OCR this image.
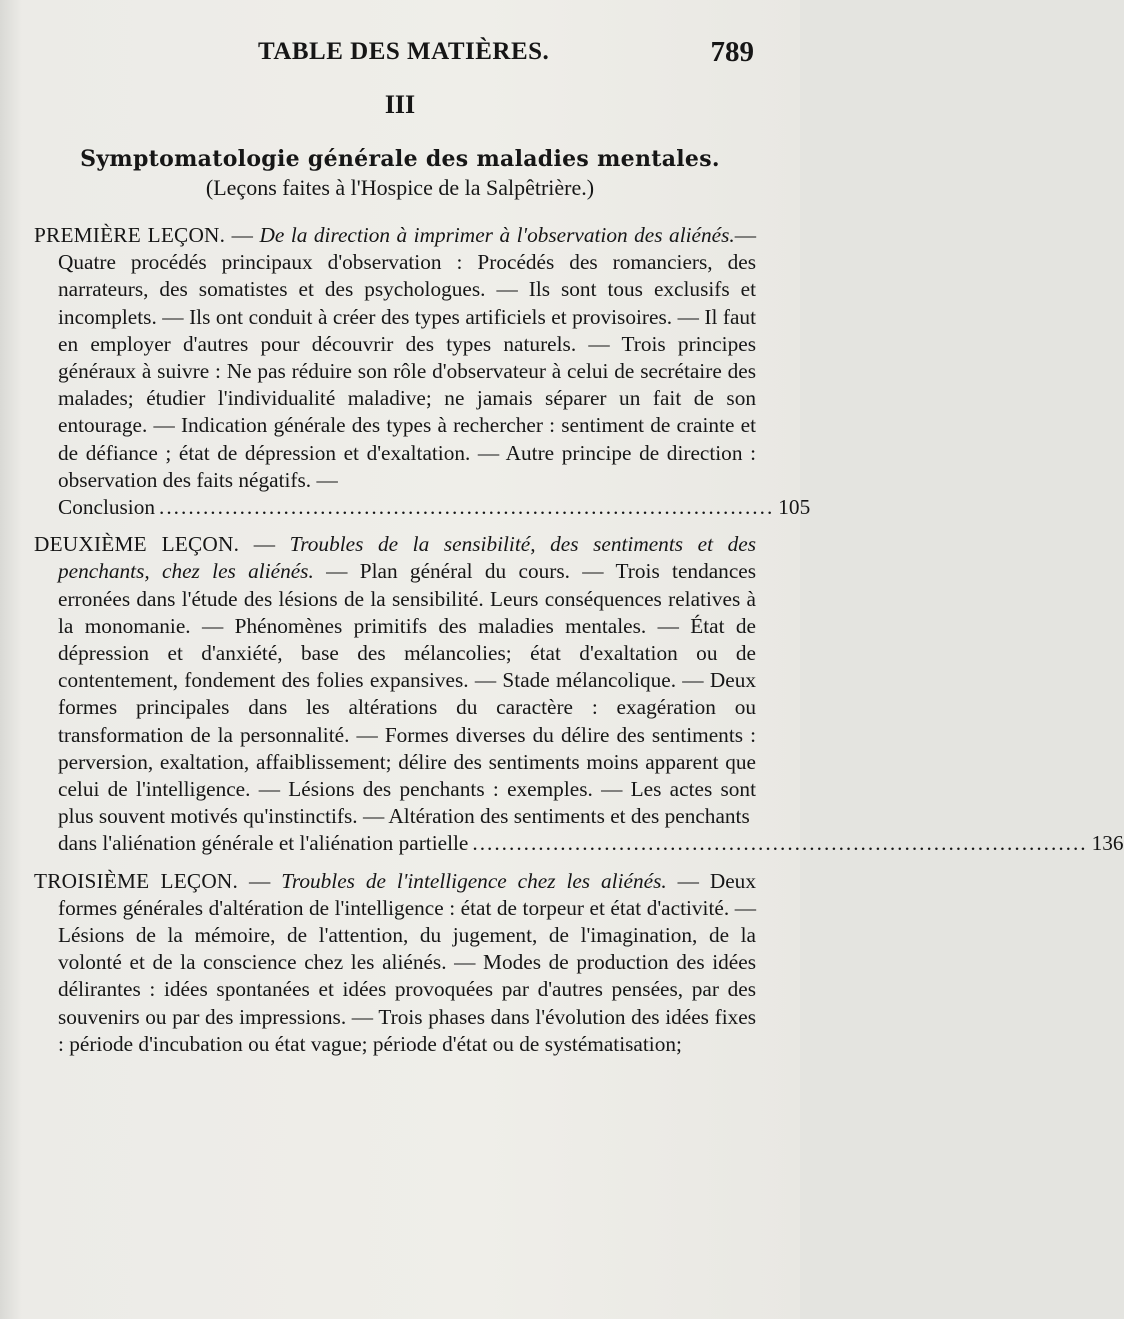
TABLE DES MATIÈRES.	789
III
Symptomatologie générale des maladies mentales.
(Leçons faites à l'Hospice de la Salpêtrière.)
PREMIÈRE LEÇON. — De la direction à imprimer à l'observation des aliénés.— Quatre procédés principaux d'observation : Procédés des romanciers, des narrateurs, des somatistes et des psychologues. — Ils sont tous exclusifs et incomplets. — Ils ont conduit à créer des types artificiels et provisoires. — Il faut en employer d'autres pour découvrir des types naturels. — Trois principes généraux à suivre : Ne pas réduire son rôle d'observateur à celui de secrétaire des malades; étudier l'individualité maladive; ne jamais séparer un fait de son entourage. — Indication générale des types à rechercher : sentiment de crainte et de défiance ; état de dépression et d'exaltation. — Autre principe de direction : observation des faits négatifs. —
Conclusion .................................................................................... 105
DEUXIÈME LEÇON. — Troubles de la sensibilité, des sentiments et des penchants, chez les aliénés. — Plan général du cours. — Trois tendances erronées dans l'étude des lésions de la sensibilité. Leurs conséquences relatives à la monomanie. — Phénomènes primitifs des maladies mentales. — État de dépression et d'anxiété, base des mélancolies; état d'exaltation ou de contentement, fondement des folies expansives. — Stade mélancolique. — Deux formes principales dans les altérations du caractère : exagération ou transformation de la personnalité. — Formes diverses du délire des sentiments : perversion, exaltation, affaiblissement; délire des sentiments moins apparent que celui de l'intelligence. — Lésions des penchants : exemples. — Les actes sont plus souvent motivés qu'instinctifs. — Altération des sentiments et des penchants
dans l'aliénation générale et l'aliénation partielle .................................................................................... 136
TROISIÈME LEÇON. — Troubles de l'intelligence chez les aliénés. — Deux formes générales d'altération de l'intelligence : état de torpeur et état d'activité. — Lésions de la mémoire, de l'attention, du jugement, de l'imagination, de la volonté et de la conscience chez les aliénés. — Modes de production des idées délirantes : idées spontanées et idées provoquées par d'autres pensées, par des souvenirs ou par des impressions. — Trois phases dans l'évolution des idées fixes : période d'incubation ou état vague; période d'état ou de systématisation;
